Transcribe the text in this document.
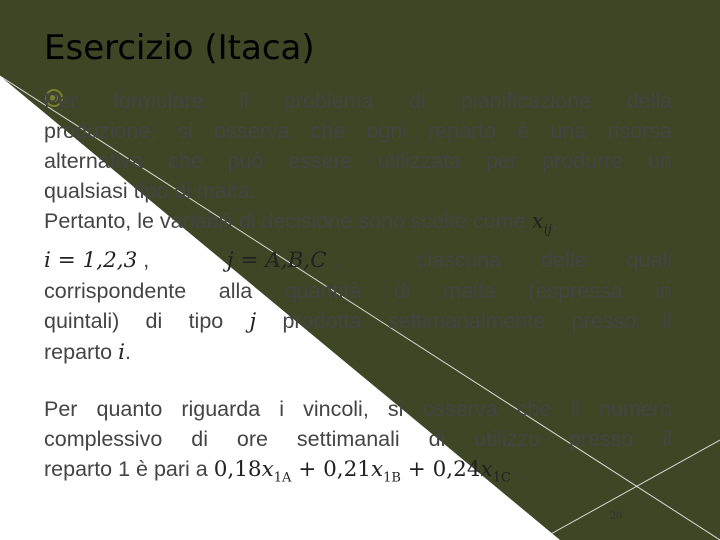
Esercizio (Itaca)
Per formulare il problema di pianificazione della
produzione, si osserva che ogni reparto è una risorsa
alternativa che può essere utilizzata per produrre un
qualsiasi tipo di malta.
Pertanto, le variabili di decisione sono scelte come $x_{ij}$,
i = 1,2,3 ,	j = A,B,C ,	ciascuna delle quali
corrispondente alla quantità di malta (espressa in
quintali) di tipo j prodotta settimanalmente presso il
reparto i.
Per quanto riguarda i vincoli, si osserva che il numero
complessivo di ore settimanali di utilizzo presso il
reparto 1 è pari a $0,18x_{1A} + 0,21x_{1B} + 0,24x_{1C}$.
20
